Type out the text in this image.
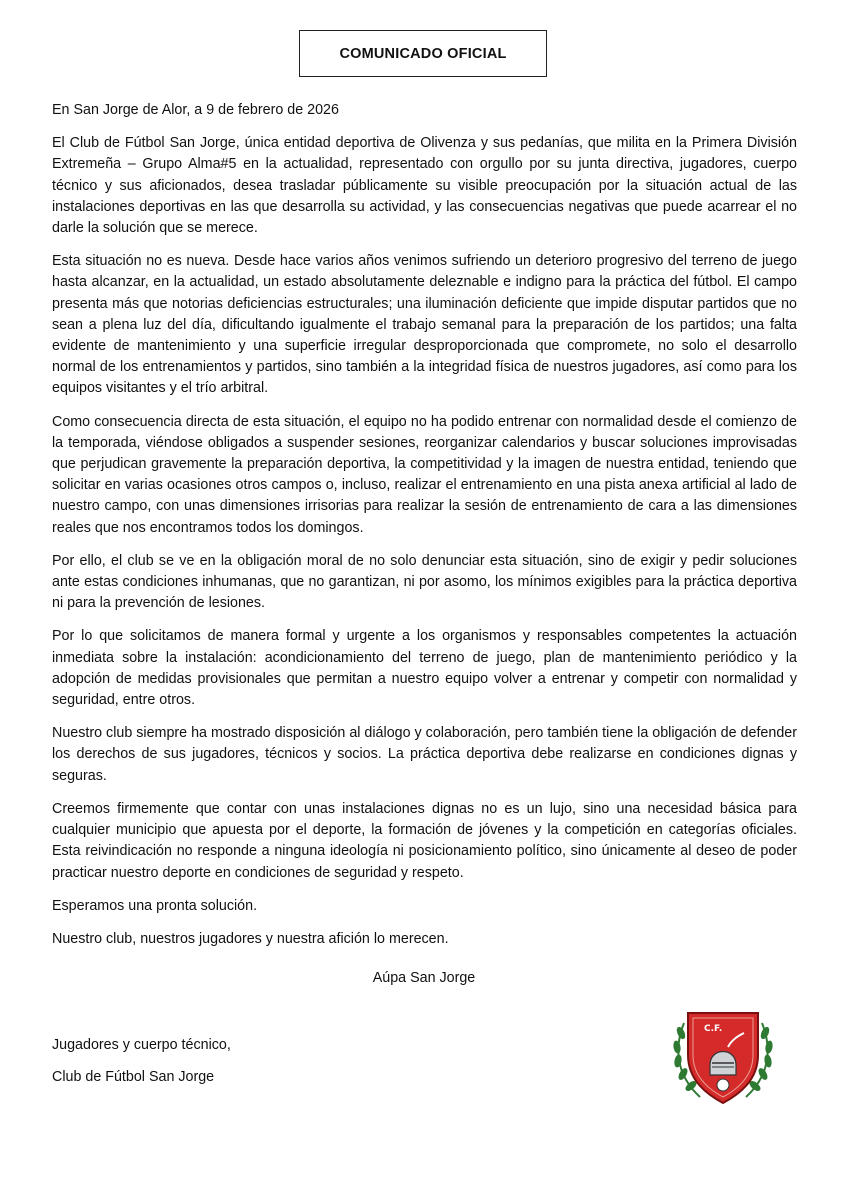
COMUNICADO OFICIAL
En San Jorge de Alor, a 9 de febrero de 2026

El Club de Fútbol San Jorge, única entidad deportiva de Olivenza y sus pedanías, que milita en la Primera División Extremeña – Grupo Alma#5 en la actualidad, representado con orgullo por su junta directiva, jugadores, cuerpo técnico y sus aficionados, desea trasladar públicamente su visible preocupación por la situación actual de las instalaciones deportivas en las que desarrolla su actividad, y las consecuencias negativas que puede acarrear el no darle la solución que se merece.

Esta situación no es nueva. Desde hace varios años venimos sufriendo un deterioro progresivo del terreno de juego hasta alcanzar, en la actualidad, un estado absolutamente deleznable e indigno para la práctica del fútbol. El campo presenta más que notorias deficiencias estructurales; una iluminación deficiente que impide disputar partidos que no sean a plena luz del día, dificultando igualmente el trabajo semanal para la preparación de los partidos; una falta evidente de mantenimiento y una superficie irregular desproporcionada que compromete, no solo el desarrollo normal de los entrenamientos y partidos, sino también a la integridad física de nuestros jugadores, así como para los equipos visitantes y el trío arbitral.

Como consecuencia directa de esta situación, el equipo no ha podido entrenar con normalidad desde el comienzo de la temporada, viéndose obligados a suspender sesiones, reorganizar calendarios y buscar soluciones improvisadas que perjudican gravemente la preparación deportiva, la competitividad y la imagen de nuestra entidad, teniendo que solicitar en varias ocasiones otros campos o, incluso, realizar el entrenamiento en una pista anexa artificial al lado de nuestro campo, con unas dimensiones irrisorias para realizar la sesión de entrenamiento de cara a las dimensiones reales que nos encontramos todos los domingos.

Por ello, el club se ve en la obligación moral de no solo denunciar esta situación, sino de exigir y pedir soluciones ante estas condiciones inhumanas, que no garantizan, ni por asomo, los mínimos exigibles para la práctica deportiva ni para la prevención de lesiones.

Por lo que solicitamos de manera formal y urgente a los organismos y responsables competentes la actuación inmediata sobre la instalación: acondicionamiento del terreno de juego, plan de mantenimiento periódico y la adopción de medidas provisionales que permitan a nuestro equipo volver a entrenar y competir con normalidad y seguridad, entre otros.

Nuestro club siempre ha mostrado disposición al diálogo y colaboración, pero también tiene la obligación de defender los derechos de sus jugadores, técnicos y socios. La práctica deportiva debe realizarse en condiciones dignas y seguras.

Creemos firmemente que contar con unas instalaciones dignas no es un lujo, sino una necesidad básica para cualquier municipio que apuesta por el deporte, la formación de jóvenes y la competición en categorías oficiales. Esta reivindicación no responde a ninguna ideología ni posicionamiento político, sino únicamente al deseo de poder practicar nuestro deporte en condiciones de seguridad y respeto.

Esperamos una pronta solución.

Nuestro club, nuestros jugadores y nuestra afición lo merecen.

Aúpa San Jorge
Jugadores y cuerpo técnico,
Club de Fútbol San Jorge
C.F.
